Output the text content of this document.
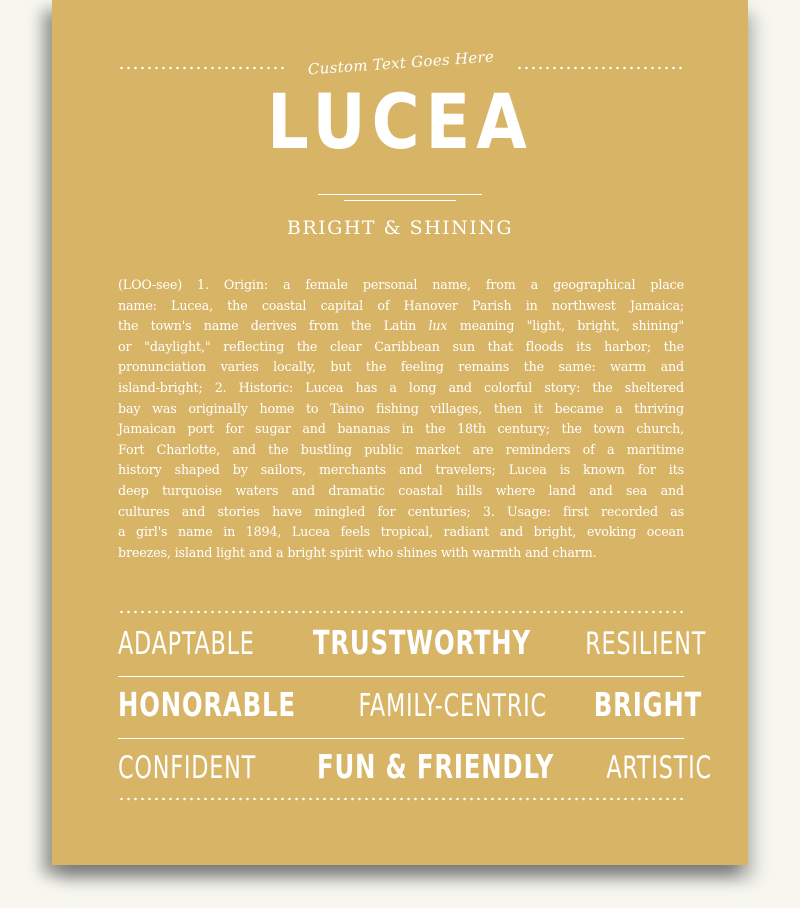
Custom Text Goes Here
LUCEA
BRIGHT & SHINING
(LOO-see) 1. Origin: a female personal name, from a geographical place
name: Lucea, the coastal capital of Hanover Parish in northwest Jamaica;
the town's name derives from the Latin lux meaning "light, bright, shining"
or "daylight," reflecting the clear Caribbean sun that floods its harbor; the
pronunciation varies locally, but the feeling remains the same: warm and
island-bright; 2. Historic: Lucea has a long and colorful story: the sheltered
bay was originally home to Taino fishing villages, then it became a thriving
Jamaican port for sugar and bananas in the 18th century; the town church,
Fort Charlotte, and the bustling public market are reminders of a maritime
history shaped by sailors, merchants and travelers; Lucea is known for its
deep turquoise waters and dramatic coastal hills where land and sea and
cultures and stories have mingled for centuries; 3. Usage: first recorded as
a girl's name in 1894, Lucea feels tropical, radiant and bright, evoking ocean
breezes, island light and a bright spirit who shines with warmth and charm.
ADAPTABLE TRUSTWORTHY RESILIENT
HONORABLE FAMILY-CENTRIC BRIGHT
CONFIDENT FUN & FRIENDLY ARTISTIC
